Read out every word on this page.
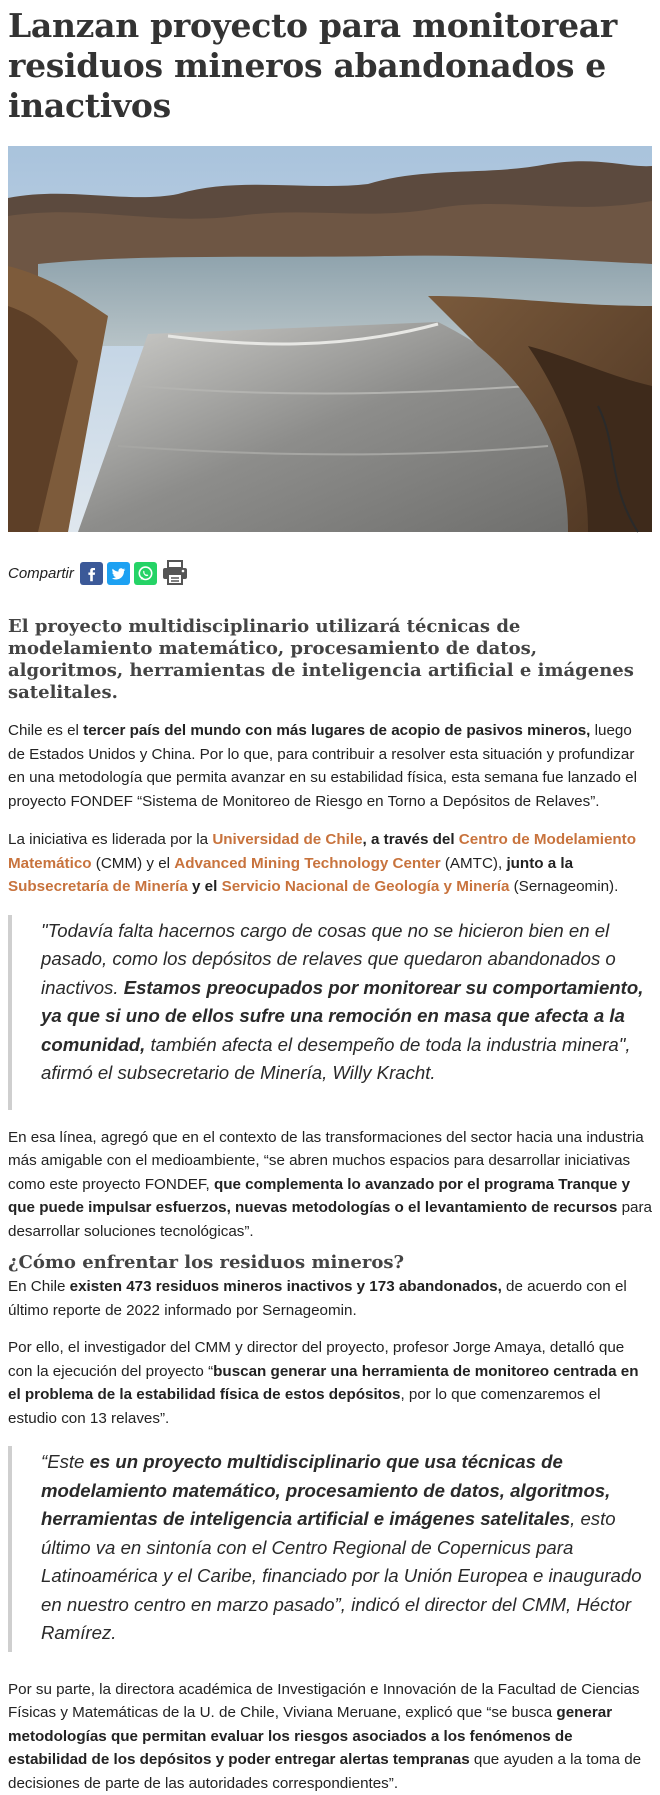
Lanzan proyecto para monitorear residuos mineros abandonados e inactivos
Compartir
El proyecto multidisciplinario utilizará técnicas de modelamiento matemático, procesamiento de datos, algoritmos, herramientas de inteligencia artificial e imágenes satelitales.

Chile es el tercer país del mundo con más lugares de acopio de pasivos mineros, luego de Estados Unidos y China. Por lo que, para contribuir a resolver esta situación y profundizar en una metodología que permita avanzar en su estabilidad física, esta semana fue lanzado el proyecto FONDEF “Sistema de Monitoreo de Riesgo en Torno a Depósitos de Relaves”.

La iniciativa es liderada por la Universidad de Chile, a través del Centro de Modelamiento Matemático (CMM) y el Advanced Mining Technology Center (AMTC), junto a la Subsecretaría de Minería y el Servicio Nacional de Geología y Minería (Sernageomin).

"Todavía falta hacernos cargo de cosas que no se hicieron bien en el pasado, como los depósitos de relaves que quedaron abandonados o inactivos. Estamos preocupados por monitorear su comportamiento, ya que si uno de ellos sufre una remoción en masa que afecta a la comunidad, también afecta el desempeño de toda la industria minera", afirmó el subsecretario de Minería, Willy Kracht.

En esa línea, agregó que en el contexto de las transformaciones del sector hacia una industria más amigable con el medioambiente, “se abren muchos espacios para desarrollar iniciativas como este proyecto FONDEF, que complementa lo avanzado por el programa Tranque y que puede impulsar esfuerzos, nuevas metodologías o el levantamiento de recursos para desarrollar soluciones tecnológicas”.

¿Cómo enfrentar los residuos mineros?

En Chile existen 473 residuos mineros inactivos y 173 abandonados, de acuerdo con el último reporte de 2022 informado por Sernageomin.

Por ello, el investigador del CMM y director del proyecto, profesor Jorge Amaya, detalló que con la ejecución del proyecto “buscan generar una herramienta de monitoreo centrada en el problema de la estabilidad física de estos depósitos, por lo que comenzaremos el estudio con 13 relaves”.

“Este es un proyecto multidisciplinario que usa técnicas de modelamiento matemático, procesamiento de datos, algoritmos, herramientas de inteligencia artificial e imágenes satelitales, esto último va en sintonía con el Centro Regional de Copernicus para Latinoamérica y el Caribe, financiado por la Unión Europea e inaugurado en nuestro centro en marzo pasado”, indicó el director del CMM, Héctor Ramírez.

Por su parte, la directora académica de Investigación e Innovación de la Facultad de Ciencias Físicas y Matemáticas de la U. de Chile, Viviana Meruane, explicó que “se busca generar metodologías que permitan evaluar los riesgos asociados a los fenómenos de estabilidad de los depósitos y poder entregar alertas tempranas que ayuden a la toma de decisiones de parte de las autoridades correspondientes”.
